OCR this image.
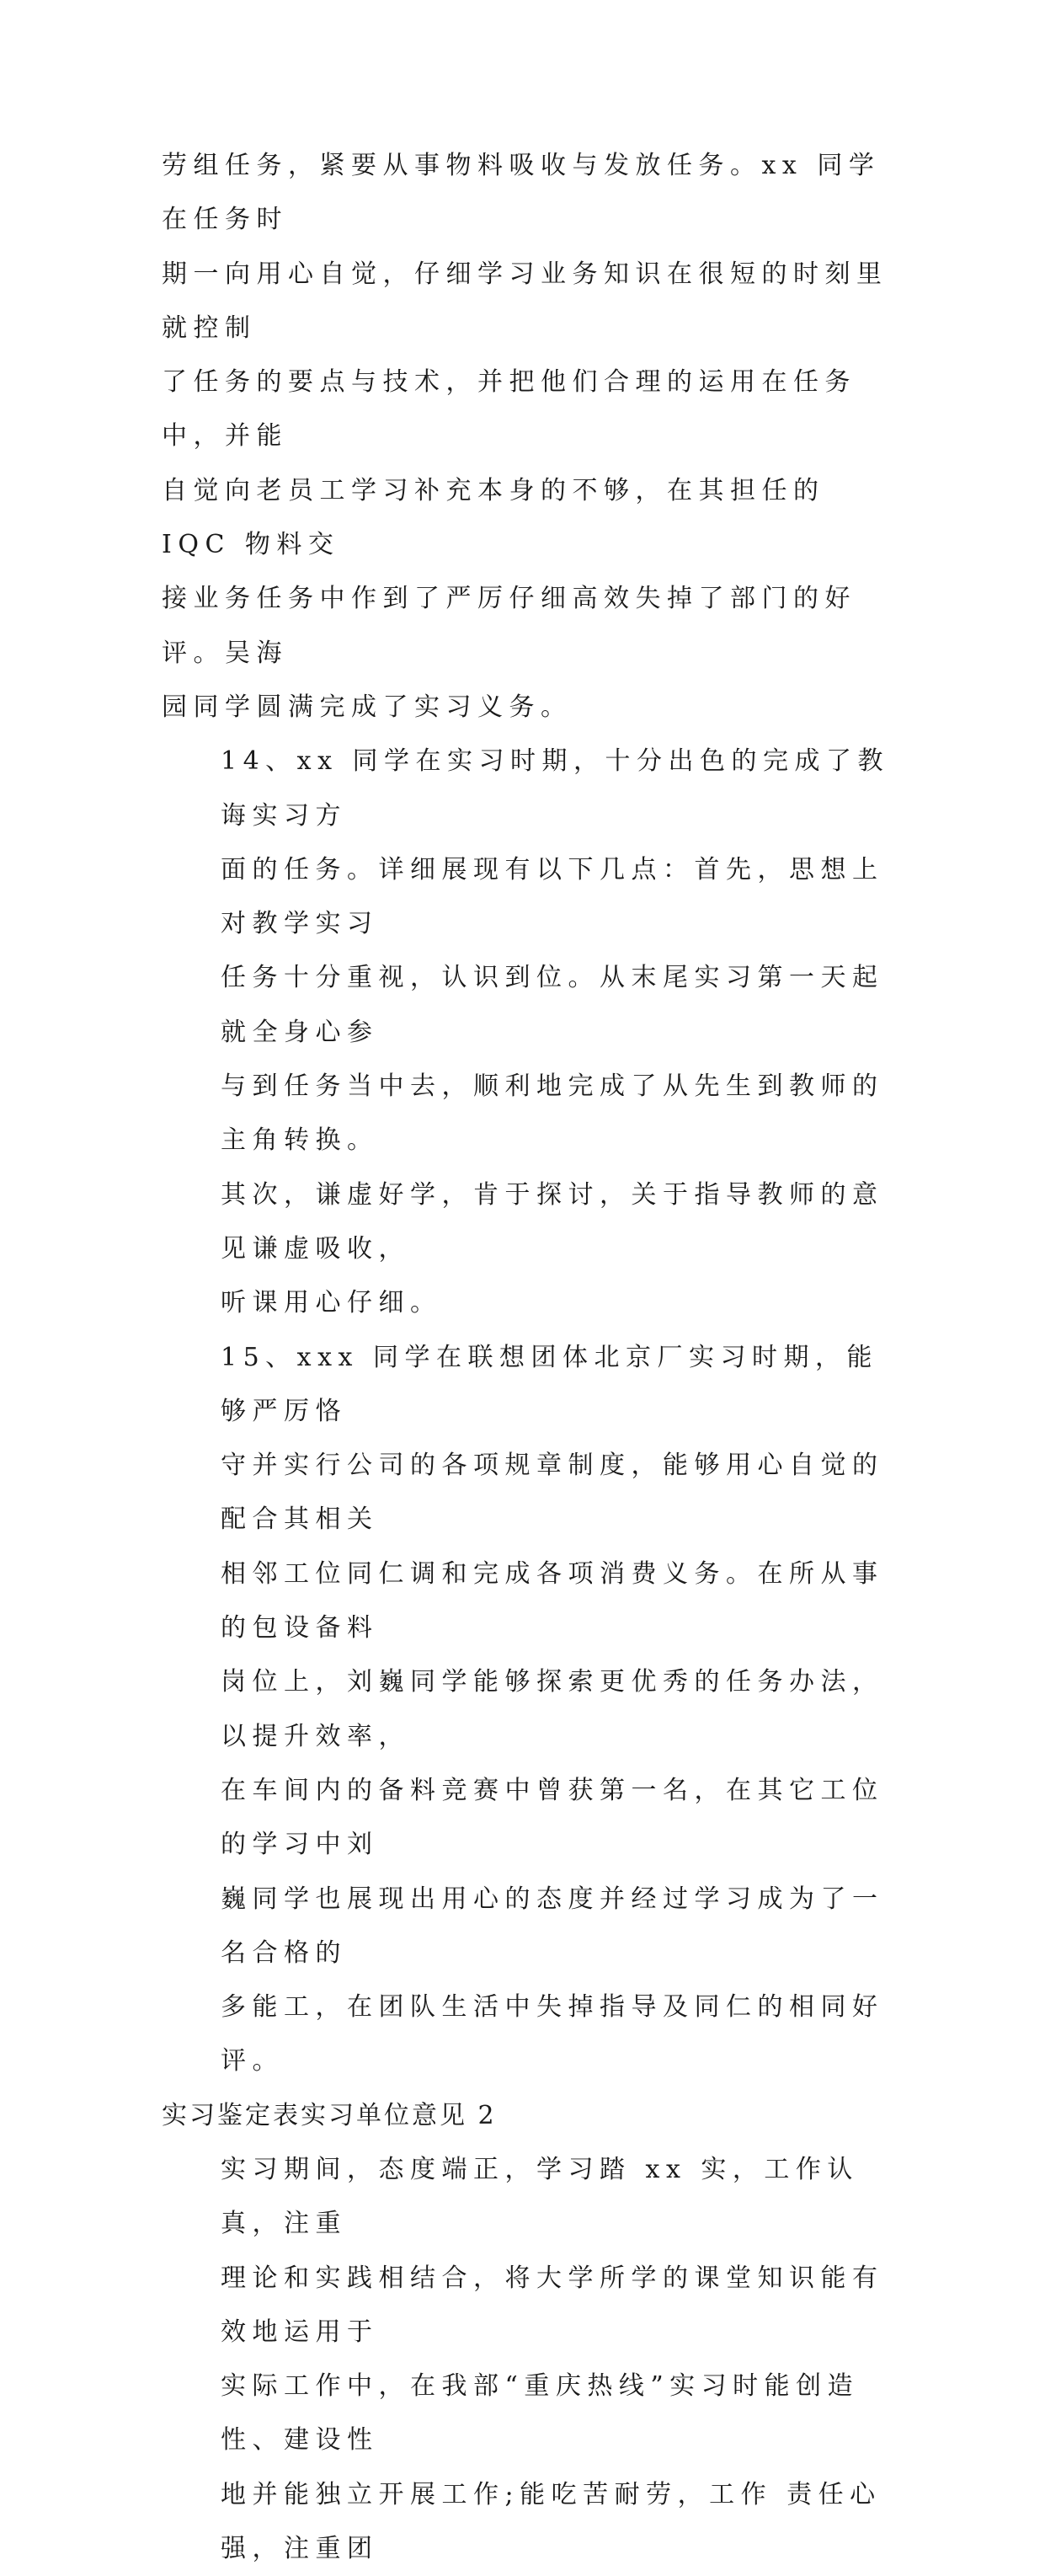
劳组任务，紧要从事物料吸收与发放任务。xx 同学在任务时
期一向用心自觉，仔细学习业务知识在很短的时刻里就控制
了任务的要点与技术，并把他们合理的运用在任务中，并能
自觉向老员工学习补充本身的不够，在其担任的 IQC 物料交
接业务任务中作到了严厉仔细高效失掉了部门的好评。吴海
园同学圆满完成了实习义务。

14、xx 同学在实习时期，十分出色的完成了教诲实习方
面的任务。详细展现有以下几点：首先，思想上对教学实习
任务十分重视，认识到位。从末尾实习第一天起就全身心参
与到任务当中去，顺利地完成了从先生到教师的主角转换。
其次，谦虚好学，肯于探讨，关于指导教师的意见谦虚吸收，
听课用心仔细。

15、xxx 同学在联想团体北京厂实习时期，能够严厉恪
守并实行公司的各项规章制度，能够用心自觉的配合其相关
相邻工位同仁调和完成各项消费义务。在所从事的包设备料
岗位上，刘巍同学能够探索更优秀的任务办法，以提升效率，
在车间内的备料竞赛中曾获第一名，在其它工位的学习中刘
巍同学也展现出用心的态度并经过学习成为了一名合格的
多能工，在团队生活中失掉指导及同仁的相同好评。

实习鉴定表实习单位意见 2

实习期间，态度端正，学习踏 xx 实，工作认真，注重
理论和实践相结合，将大学所学的课堂知识能有效地运用于
实际工作中，在我部“重庆热线”实习时能创造性、建设性
地并能独立开展工作;能吃苦耐劳，工作 责任心强，注重团
